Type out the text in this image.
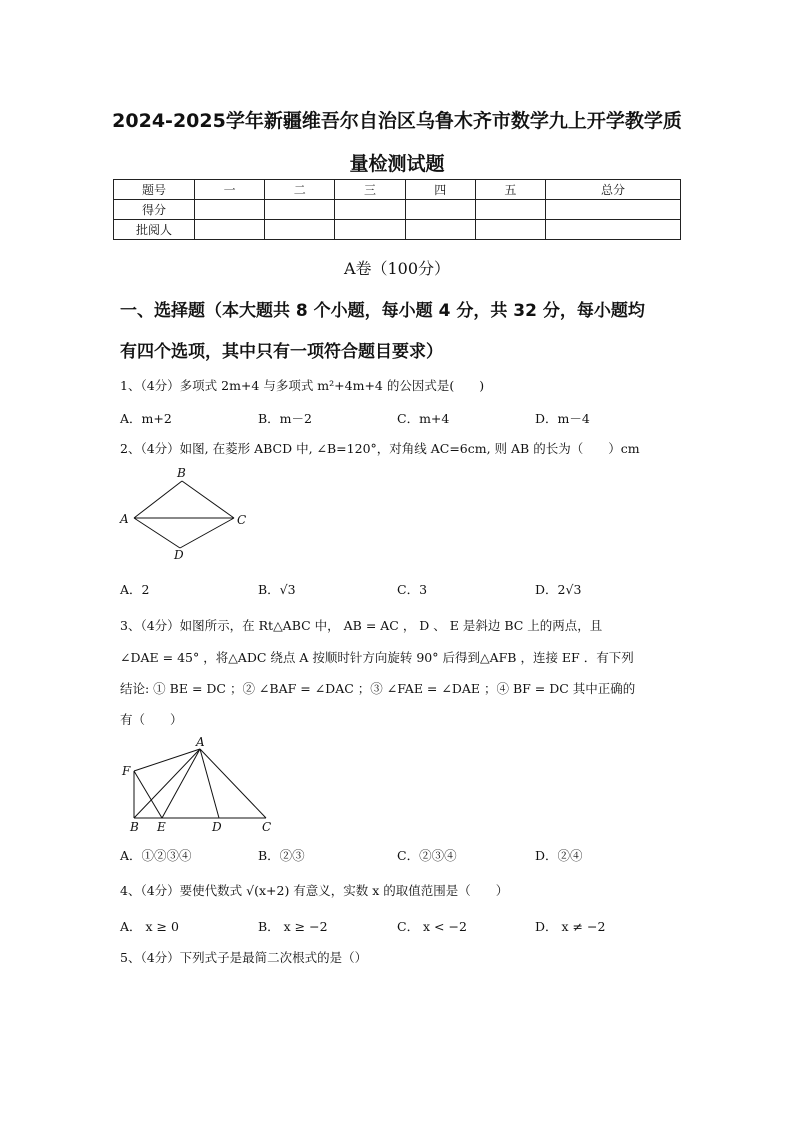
2024-2025学年新疆维吾尔自治区乌鲁木齐市数学九上开学教学质
量检测试题
题号	一	二	三	四	五	总分
得分						
批阅人						
A卷（100分）
一、选择题（本大题共 8 个小题，每小题 4 分，共 32 分，每小题均
有四个选项，其中只有一项符合题目要求）
1、（4分）多项式 2m+4 与多项式 m²+4m+4 的公因式是(　　)
A．m+2	B．m－2	C．m+4	D．m－4
2、（4分）如图, 在菱形 ABCD 中, ∠B=120°，对角线 AC=6cm, 则 AB 的长为（　　）cm
B
A	C
D
A．2	B．√3	C．3	D．2√3
3、（4分）如图所示，在 Rt△ABC 中， AB = AC ， D 、 E 是斜边 BC 上的两点，且
∠DAE = 45° ，将△ADC 绕点 A 按顺时针方向旋转 90° 后得到△AFB ，连接 EF ．有下列
结论: ① BE = DC ；② ∠BAF = ∠DAC ；③ ∠FAE = ∠DAE ；④ BF = DC 其中正确的
有（　　）
A
F
B E	D	C
A．①②③④	B．②③	C．②③④	D．②④
4、（4分）要使代数式 √(x+2) 有意义，实数 x 的取值范围是（　　）
A． x ≥ 0	B． x ≥ −2	C． x < −2	D． x ≠ −2
5、（4分）下列式子是最简二次根式的是（）
